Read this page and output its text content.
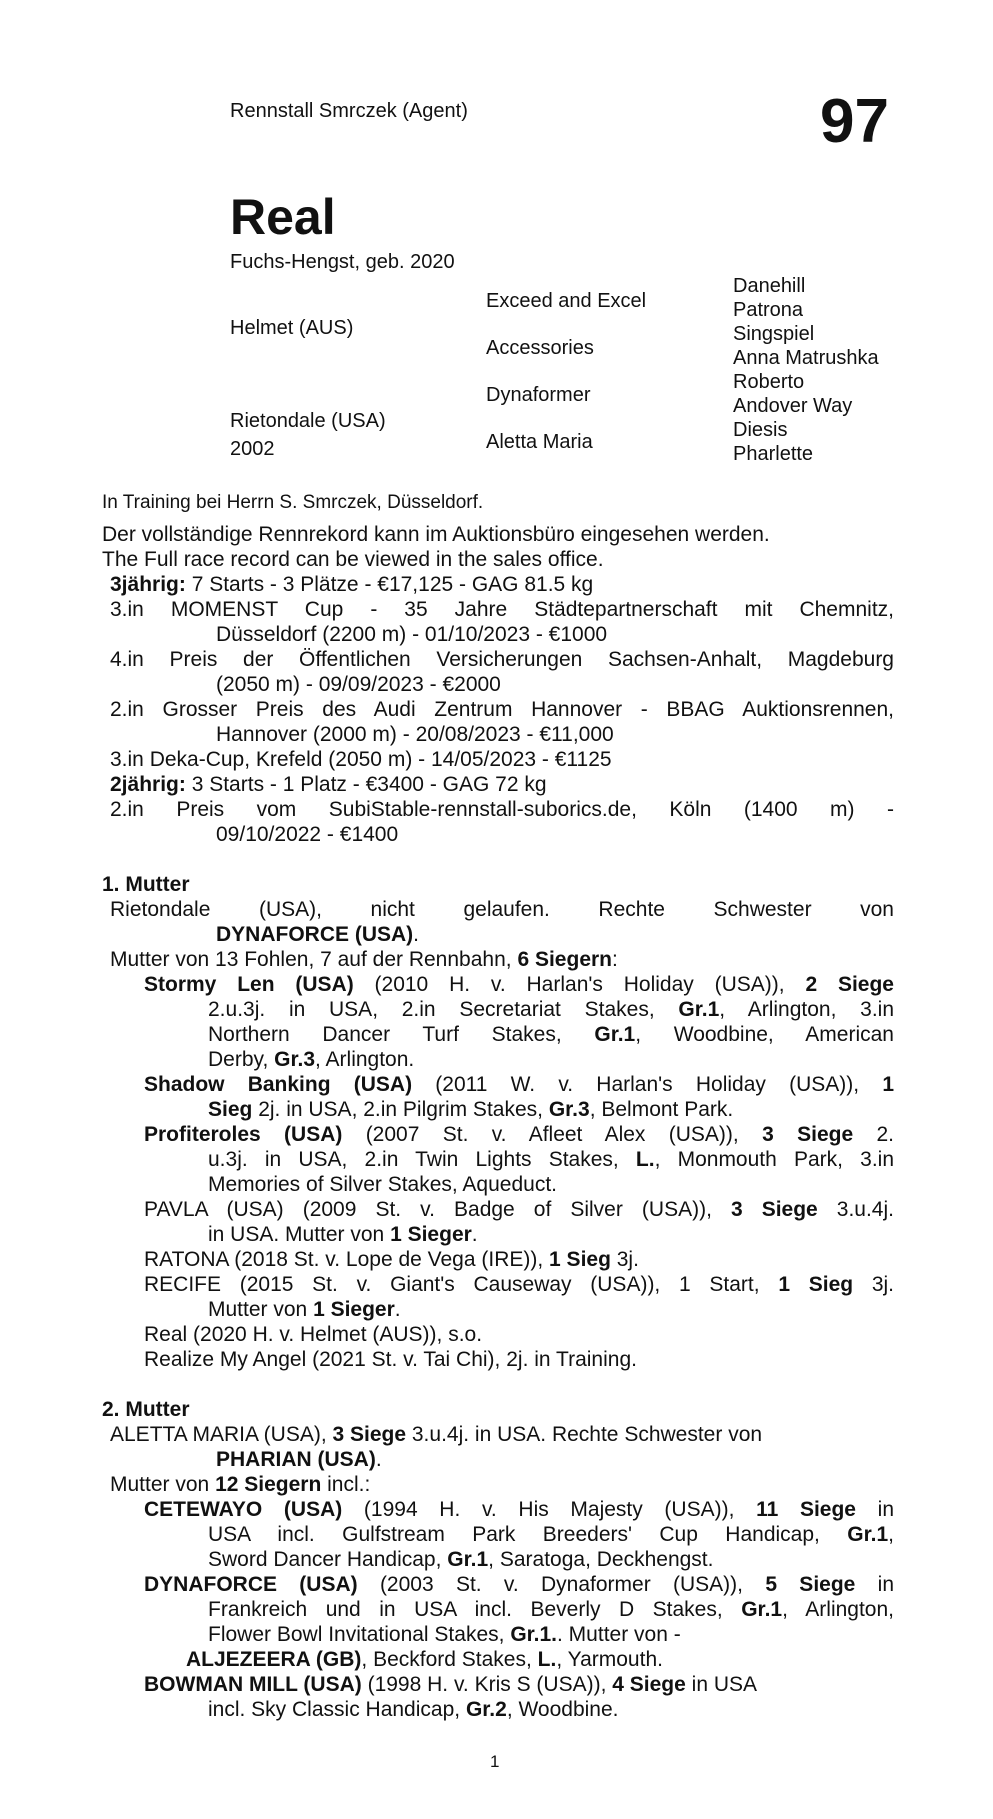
Rennstall Smrczek (Agent)	97
Real
Fuchs-Hengst, geb. 2020
Helmet (AUS)
Rietondale (USA)
2002
Exceed and Excel
Accessories
Dynaformer
Aletta Maria
Danehill
Patrona
Singspiel
Anna Matrushka
Roberto
Andover Way
Diesis
Pharlette
In Training bei Herrn S. Smrczek, Düsseldorf.
Der vollständige Rennrekord kann im Auktionsbüro eingesehen werden.
The Full race record can be viewed in the sales office.
3jährig: 7 Starts - 3 Plätze - €17,125 - GAG 81.5 kg
3.in MOMENST Cup - 35 Jahre Städtepartnerschaft mit Chemnitz,
Düsseldorf (2200 m) - 01/10/2023 - €1000
4.in Preis der Öffentlichen Versicherungen Sachsen-Anhalt, Magdeburg
(2050 m) - 09/09/2023 - €2000
2.in Grosser Preis des Audi Zentrum Hannover - BBAG Auktionsrennen,
Hannover (2000 m) - 20/08/2023 - €11,000
3.in Deka-Cup, Krefeld (2050 m) - 14/05/2023 - €1125
2jährig: 3 Starts - 1 Platz - €3400 - GAG 72 kg
2.in Preis vom SubiStable-rennstall-suborics.de, Köln (1400 m) -
09/10/2022 - €1400
1. Mutter
Rietondale (USA), nicht gelaufen. Rechte Schwester von
DYNAFORCE (USA).
Mutter von 13 Fohlen, 7 auf der Rennbahn, 6 Siegern:
Stormy Len (USA) (2010 H. v. Harlan's Holiday (USA)), 2 Siege
2.u.3j. in USA, 2.in Secretariat Stakes, Gr.1, Arlington, 3.in
Northern Dancer Turf Stakes, Gr.1, Woodbine, American
Derby, Gr.3, Arlington.
Shadow Banking (USA) (2011 W. v. Harlan's Holiday (USA)), 1
Sieg 2j. in USA, 2.in Pilgrim Stakes, Gr.3, Belmont Park.
Profiteroles (USA) (2007 St. v. Afleet Alex (USA)), 3 Siege 2.
u.3j. in USA, 2.in Twin Lights Stakes, L., Monmouth Park, 3.in
Memories of Silver Stakes, Aqueduct.
PAVLA (USA) (2009 St. v. Badge of Silver (USA)), 3 Siege 3.u.4j.
in USA. Mutter von 1 Sieger.
RATONA (2018 St. v. Lope de Vega (IRE)), 1 Sieg 3j.
RECIFE (2015 St. v. Giant's Causeway (USA)), 1 Start, 1 Sieg 3j.
Mutter von 1 Sieger.
Real (2020 H. v. Helmet (AUS)), s.o.
Realize My Angel (2021 St. v. Tai Chi), 2j. in Training.
2. Mutter
ALETTA MARIA (USA), 3 Siege 3.u.4j. in USA. Rechte Schwester von
PHARIAN (USA).
Mutter von 12 Siegern incl.:
CETEWAYO (USA) (1994 H. v. His Majesty (USA)), 11 Siege in
USA incl. Gulfstream Park Breeders' Cup Handicap, Gr.1,
Sword Dancer Handicap, Gr.1, Saratoga, Deckhengst.
DYNAFORCE (USA) (2003 St. v. Dynaformer (USA)), 5 Siege in
Frankreich und in USA incl. Beverly D Stakes, Gr.1, Arlington,
Flower Bowl Invitational Stakes, Gr.1.. Mutter von -
ALJEZEERA (GB), Beckford Stakes, L., Yarmouth.
BOWMAN MILL (USA) (1998 H. v. Kris S (USA)), 4 Siege in USA
incl. Sky Classic Handicap, Gr.2, Woodbine.
1
